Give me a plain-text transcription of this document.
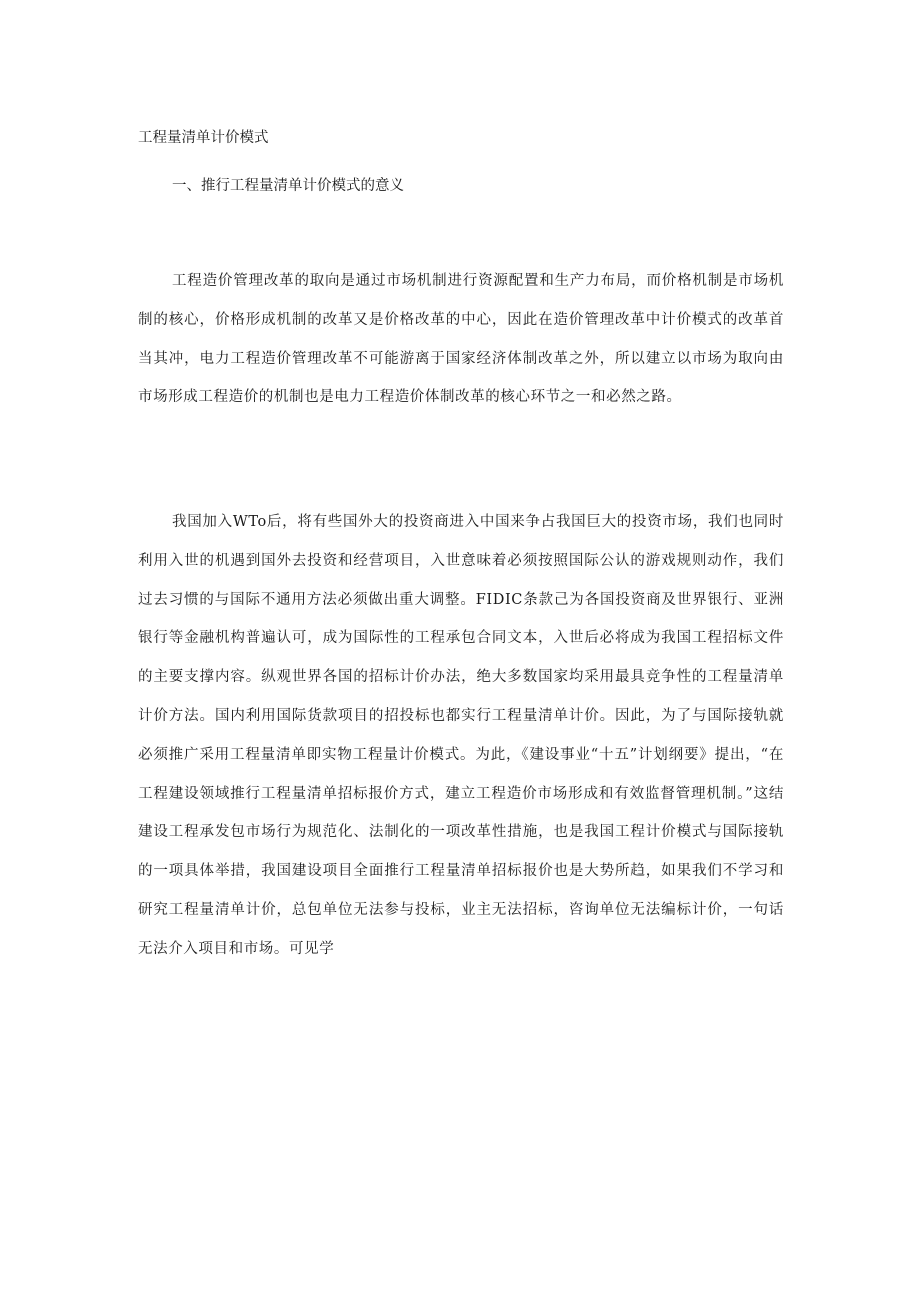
工程量清单计价模式
一、推行工程量清单计价模式的意义

工程造价管理改革的取向是通过市场机制进行资源配置和生产力布局，而价格机制是市场机制的核心，价格形成机制的改革又是价格改革的中心，因此在造价管理改革中计价模式的改革首当其冲，电力工程造价管理改革不可能游离于国家经济体制改革之外，所以建立以市场为取向由市场形成工程造价的机制也是电力工程造价体制改革的核心环节之一和必然之路。

我国加入WTo后，将有些国外大的投资商进入中国来争占我国巨大的投资市场，我们也同时利用入世的机遇到国外去投资和经营项目，入世意味着必须按照国际公认的游戏规则动作，我们过去习惯的与国际不通用方法必须做出重大调整。FIDIC条款己为各国投资商及世界银行、亚洲银行等金融机构普遍认可，成为国际性的工程承包合同文本，入世后必将成为我国工程招标文件的主要支撑内容。纵观世界各国的招标计价办法，绝大多数国家均采用最具竞争性的工程量清单计价方法。国内利用国际货款项目的招投标也都实行工程量清单计价。因此，为了与国际接轨就必须推广采用工程量清单即实物工程量计价模式。为此，《建设事业“十五”计划纲要》提出，“在工程建设领域推行工程量清单招标报价方式，建立工程造价市场形成和有效监督管理机制。”这结建设工程承发包市场行为规范化、法制化的一项改革性措施，也是我国工程计价模式与国际接轨的一项具体举措，我国建设项目全面推行工程量清单招标报价也是大势所趋，如果我们不学习和研究工程量清单计价，总包单位无法参与投标，业主无法招标，咨询单位无法编标计价，一句话无法介入项目和市场。可见学
